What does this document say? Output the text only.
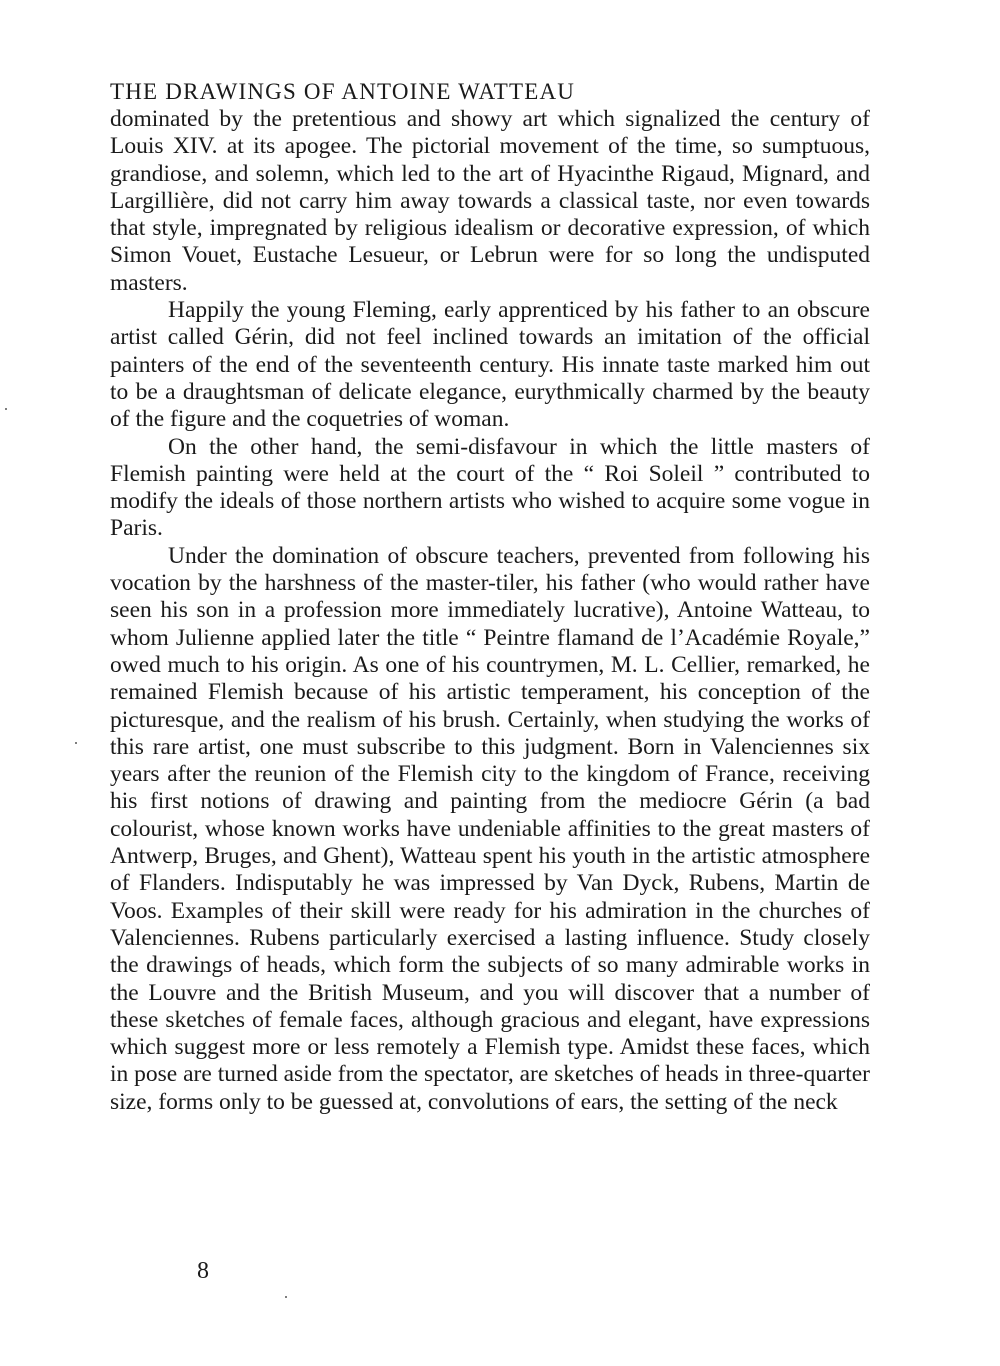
THE DRAWINGS OF ANTOINE WATTEAU

dominated by the pretentious and showy art which signalized the century of Louis XIV. at its apogee. The pictorial movement of the time, so sumptuous, grandiose, and solemn, which led to the art of Hyacinthe Rigaud, Mignard, and Largillière, did not carry him away towards a classical taste, nor even towards that style, impregnated by religious idealism or decorative expression, of which Simon Vouet, Eustache Lesueur, or Lebrun were for so long the undisputed masters.

Happily the young Fleming, early apprenticed by his father to an obscure artist called Gérin, did not feel inclined towards an imitation of the official painters of the end of the seventeenth century. His innate taste marked him out to be a draughtsman of delicate elegance, eurythmically charmed by the beauty of the figure and the coquetries of woman.

On the other hand, the semi-disfavour in which the little masters of Flemish painting were held at the court of the “ Roi Soleil ” contributed to modify the ideals of those northern artists who wished to acquire some vogue in Paris.

Under the domination of obscure teachers, prevented from following his vocation by the harshness of the master-tiler, his father (who would rather have seen his son in a profession more immediately lucrative), Antoine Watteau, to whom Julienne applied later the title “ Peintre flamand de l’Académie Royale,” owed much to his origin. As one of his countrymen, M. L. Cellier, remarked, he remained Flemish because of his artistic temperament, his conception of the picturesque, and the realism of his brush. Certainly, when studying the works of this rare artist, one must subscribe to this judgment. Born in Valenciennes six years after the reunion of the Flemish city to the kingdom of France, receiving his first notions of drawing and painting from the mediocre Gérin (a bad colourist, whose known works have undeniable affinities to the great masters of Antwerp, Bruges, and Ghent), Watteau spent his youth in the artistic atmosphere of Flanders. Indisputably he was impressed by Van Dyck, Rubens, Martin de Voos. Examples of their skill were ready for his admiration in the churches of Valenciennes. Rubens particularly exercised a lasting influence. Study closely the drawings of heads, which form the subjects of so many admirable works in the Louvre and the British Museum, and you will discover that a number of these sketches of female faces, although gracious and elegant, have expressions which suggest more or less remotely a Flemish type. Amidst these faces, which in pose are turned aside from the spectator, are sketches of heads in three-quarter size, forms only to be guessed at, convolutions of ears, the setting of the neck

8
